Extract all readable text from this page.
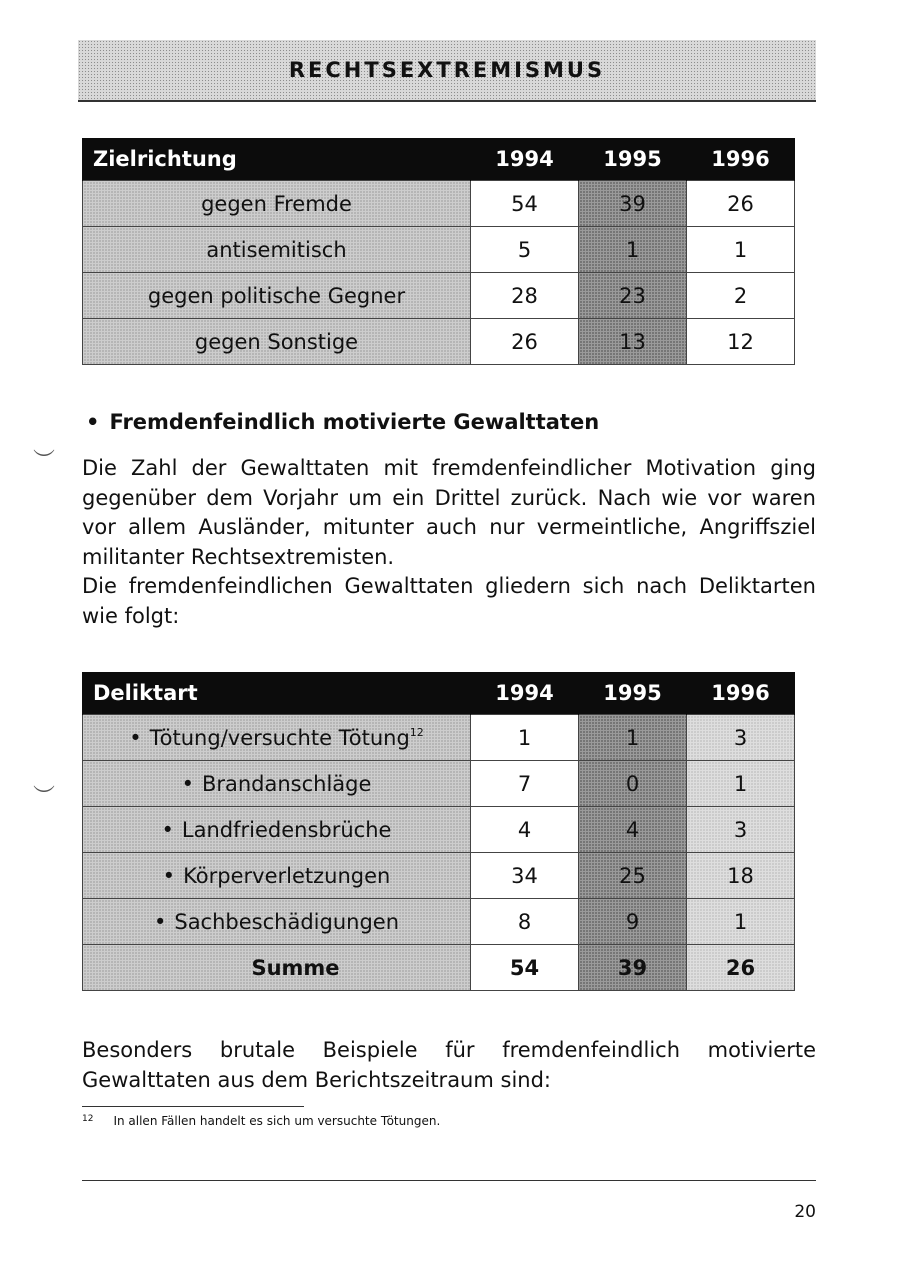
RECHTSEXTREMISMUS
Zielrichtung	1994	1995	1996
gegen Fremde	54	39	26
antisemitisch	5	1	1
gegen politische Gegner	28	23	2
gegen Sonstige	26	13	12
︶
• Fremdenfeindlich motivierte Gewalttaten

Die Zahl der Gewalttaten mit fremdenfeindlicher Motivation ging gegenüber dem Vorjahr um ein Drittel zurück. Nach wie vor waren vor allem Ausländer, mitunter auch nur vermeintliche, Angriffsziel militanter Rechtsextremisten.

Die fremdenfeindlichen Gewalttaten gliedern sich nach Deliktarten wie folgt:

Deliktart	1994	1995	1996
• Tötung/versuchte Tötung$^{12}$	1	1	3
• Brandanschläge	7	0	1
• Landfriedensbrüche	4	4	3
• Körperverletzungen	34	25	18
• Sachbeschädigungen	8	9	1
Summe	54	39	26
︶

Besonders brutale Beispiele für fremdenfeindlich motivierte Gewalttaten aus dem Berichtszeitraum sind:

$^{12}$ In allen Fällen handelt es sich um versuchte Tötungen.
20
